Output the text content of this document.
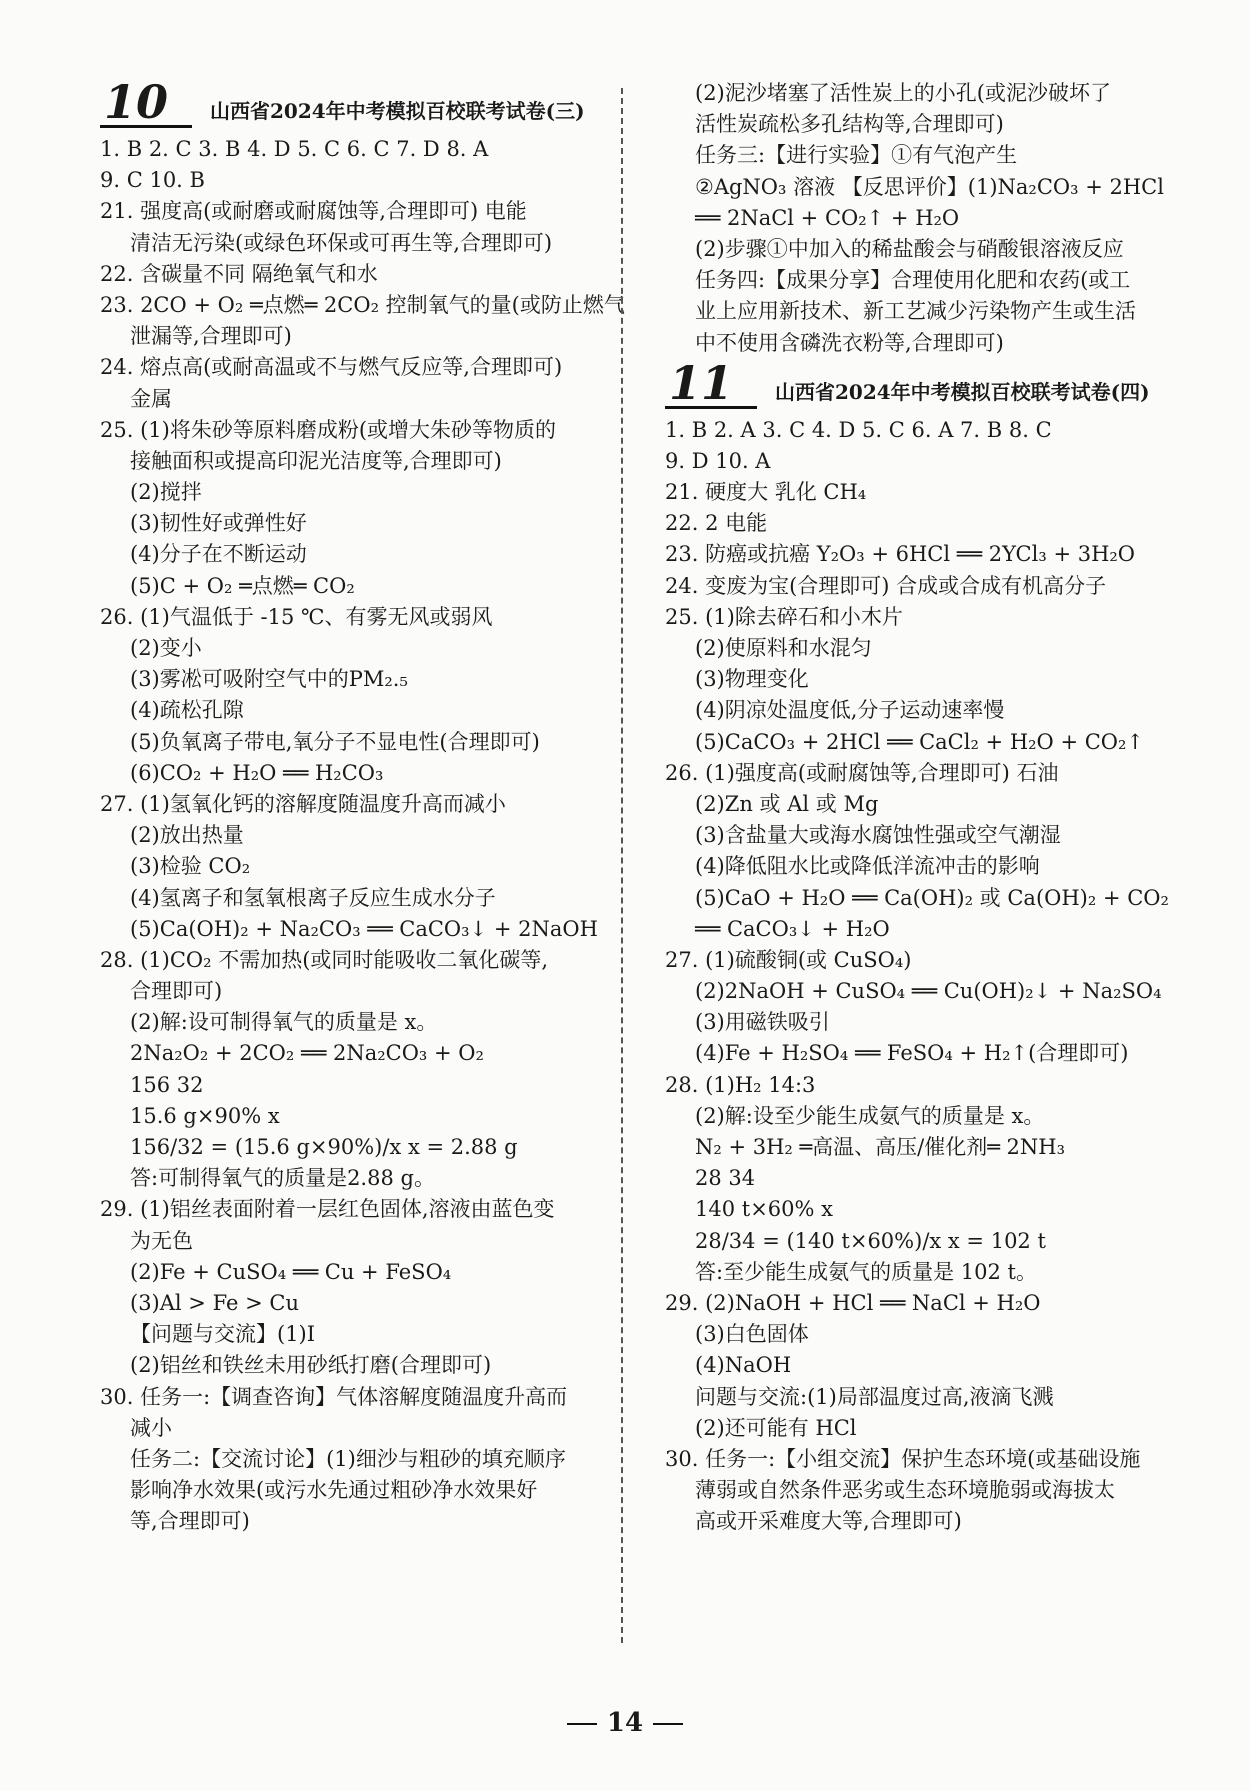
10	山西省2024年中考模拟百校联考试卷(三)
1. B 2. C 3. B 4. D 5. C 6. C 7. D 8. A
9. C 10. B
21. 强度高(或耐磨或耐腐蚀等,合理即可) 电能
清洁无污染(或绿色环保或可再生等,合理即可)
22. 含碳量不同 隔绝氧气和水
23. 2CO + O₂ ═点燃═ 2CO₂ 控制氧气的量(或防止燃气
泄漏等,合理即可)
24. 熔点高(或耐高温或不与燃气反应等,合理即可)
金属
25. (1)将朱砂等原料磨成粉(或增大朱砂等物质的
接触面积或提高印泥光洁度等,合理即可)
(2)搅拌
(3)韧性好或弹性好
(4)分子在不断运动
(5)C + O₂ ═点燃═ CO₂
26. (1)气温低于 -15 ℃、有雾无风或弱风
(2)变小
(3)雾凇可吸附空气中的PM₂.₅
(4)疏松孔隙
(5)负氧离子带电,氧分子不显电性(合理即可)
(6)CO₂ + H₂O ══ H₂CO₃
27. (1)氢氧化钙的溶解度随温度升高而减小
(2)放出热量
(3)检验 CO₂
(4)氢离子和氢氧根离子反应生成水分子
(5)Ca(OH)₂ + Na₂CO₃ ══ CaCO₃↓ + 2NaOH
28. (1)CO₂ 不需加热(或同时能吸收二氧化碳等,
合理即可)
(2)解:设可制得氧气的质量是 x。
2Na₂O₂ + 2CO₂ ══ 2Na₂CO₃ + O₂
156 32
15.6 g×90% x
156/32 = (15.6 g×90%)/x x = 2.88 g
答:可制得氧气的质量是2.88 g。
29. (1)铝丝表面附着一层红色固体,溶液由蓝色变
为无色
(2)Fe + CuSO₄ ══ Cu + FeSO₄
(3)Al > Fe > Cu
【问题与交流】(1)I
(2)铝丝和铁丝未用砂纸打磨(合理即可)
30. 任务一:【调查咨询】气体溶解度随温度升高而
减小
任务二:【交流讨论】(1)细沙与粗砂的填充顺序
影响净水效果(或污水先通过粗砂净水效果好
等,合理即可)
(2)泥沙堵塞了活性炭上的小孔(或泥沙破坏了
活性炭疏松多孔结构等,合理即可)
任务三:【进行实验】①有气泡产生
②AgNO₃ 溶液 【反思评价】(1)Na₂CO₃ + 2HCl
══ 2NaCl + CO₂↑ + H₂O
(2)步骤①中加入的稀盐酸会与硝酸银溶液反应
任务四:【成果分享】合理使用化肥和农药(或工
业上应用新技术、新工艺减少污染物产生或生活
中不使用含磷洗衣粉等,合理即可)
11	山西省2024年中考模拟百校联考试卷(四)
1. B 2. A 3. C 4. D 5. C 6. A 7. B 8. C
9. D 10. A
21. 硬度大 乳化 CH₄
22. 2 电能
23. 防癌或抗癌 Y₂O₃ + 6HCl ══ 2YCl₃ + 3H₂O
24. 变废为宝(合理即可) 合成或合成有机高分子
25. (1)除去碎石和小木片
(2)使原料和水混匀
(3)物理变化
(4)阴凉处温度低,分子运动速率慢
(5)CaCO₃ + 2HCl ══ CaCl₂ + H₂O + CO₂↑
26. (1)强度高(或耐腐蚀等,合理即可) 石油
(2)Zn 或 Al 或 Mg
(3)含盐量大或海水腐蚀性强或空气潮湿
(4)降低阻水比或降低洋流冲击的影响
(5)CaO + H₂O ══ Ca(OH)₂ 或 Ca(OH)₂ + CO₂
══ CaCO₃↓ + H₂O
27. (1)硫酸铜(或 CuSO₄)
(2)2NaOH + CuSO₄ ══ Cu(OH)₂↓ + Na₂SO₄
(3)用磁铁吸引
(4)Fe + H₂SO₄ ══ FeSO₄ + H₂↑(合理即可)
28. (1)H₂ 14:3
(2)解:设至少能生成氨气的质量是 x。
N₂ + 3H₂ ═高温、高压/催化剂═ 2NH₃
28 34
140 t×60% x
28/34 = (140 t×60%)/x x = 102 t
答:至少能生成氨气的质量是 102 t。
29. (2)NaOH + HCl ══ NaCl + H₂O
(3)白色固体
(4)NaOH
问题与交流:(1)局部温度过高,液滴飞溅
(2)还可能有 HCl
30. 任务一:【小组交流】保护生态环境(或基础设施
薄弱或自然条件恶劣或生态环境脆弱或海拔太
高或开采难度大等,合理即可)
14
